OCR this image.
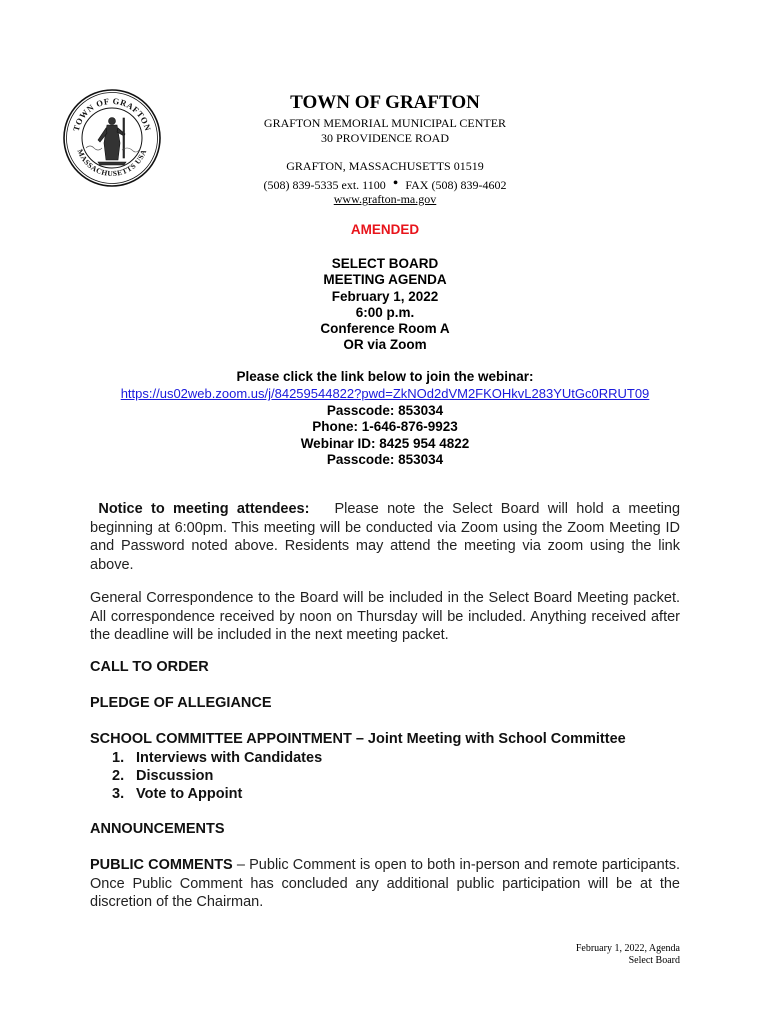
TOWN OF GRAFTON
MASSACHUSETTS USA
TOWN OF GRAFTON
GRAFTON MEMORIAL MUNICIPAL CENTER
30 PROVIDENCE ROAD
GRAFTON, MASSACHUSETTS 01519
(508) 839-5335 ext. 1100 • FAX (508) 839-4602
www.grafton-ma.gov
AMENDED
SELECT BOARD
MEETING AGENDA
February 1, 2022
6:00 p.m.
Conference Room A
OR via Zoom
Please click the link below to join the webinar:
https://us02web.zoom.us/j/84259544822?pwd=ZkNOd2dVM2FKOHkvL283YUtGc0RRUT09
Passcode: 853034
Phone: 1-646-876-9923
Webinar ID: 8425 954 4822
Passcode: 853034
Notice to meeting attendees: Please note the Select Board will hold a meeting beginning at 6:00pm. This meeting will be conducted via Zoom using the Zoom Meeting ID and Password noted above. Residents may attend the meeting via zoom using the link above.
General Correspondence to the Board will be included in the Select Board Meeting packet. All correspondence received by noon on Thursday will be included. Anything received after the deadline will be included in the next meeting packet.
CALL TO ORDER
PLEDGE OF ALLEGIANCE
SCHOOL COMMITTEE APPOINTMENT – Joint Meeting with School Committee
1. Interviews with Candidates
2. Discussion
3. Vote to Appoint
ANNOUNCEMENTS
PUBLIC COMMENTS – Public Comment is open to both in-person and remote participants. Once Public Comment has concluded any additional public participation will be at the discretion of the Chairman.
February 1, 2022, Agenda
Select Board
